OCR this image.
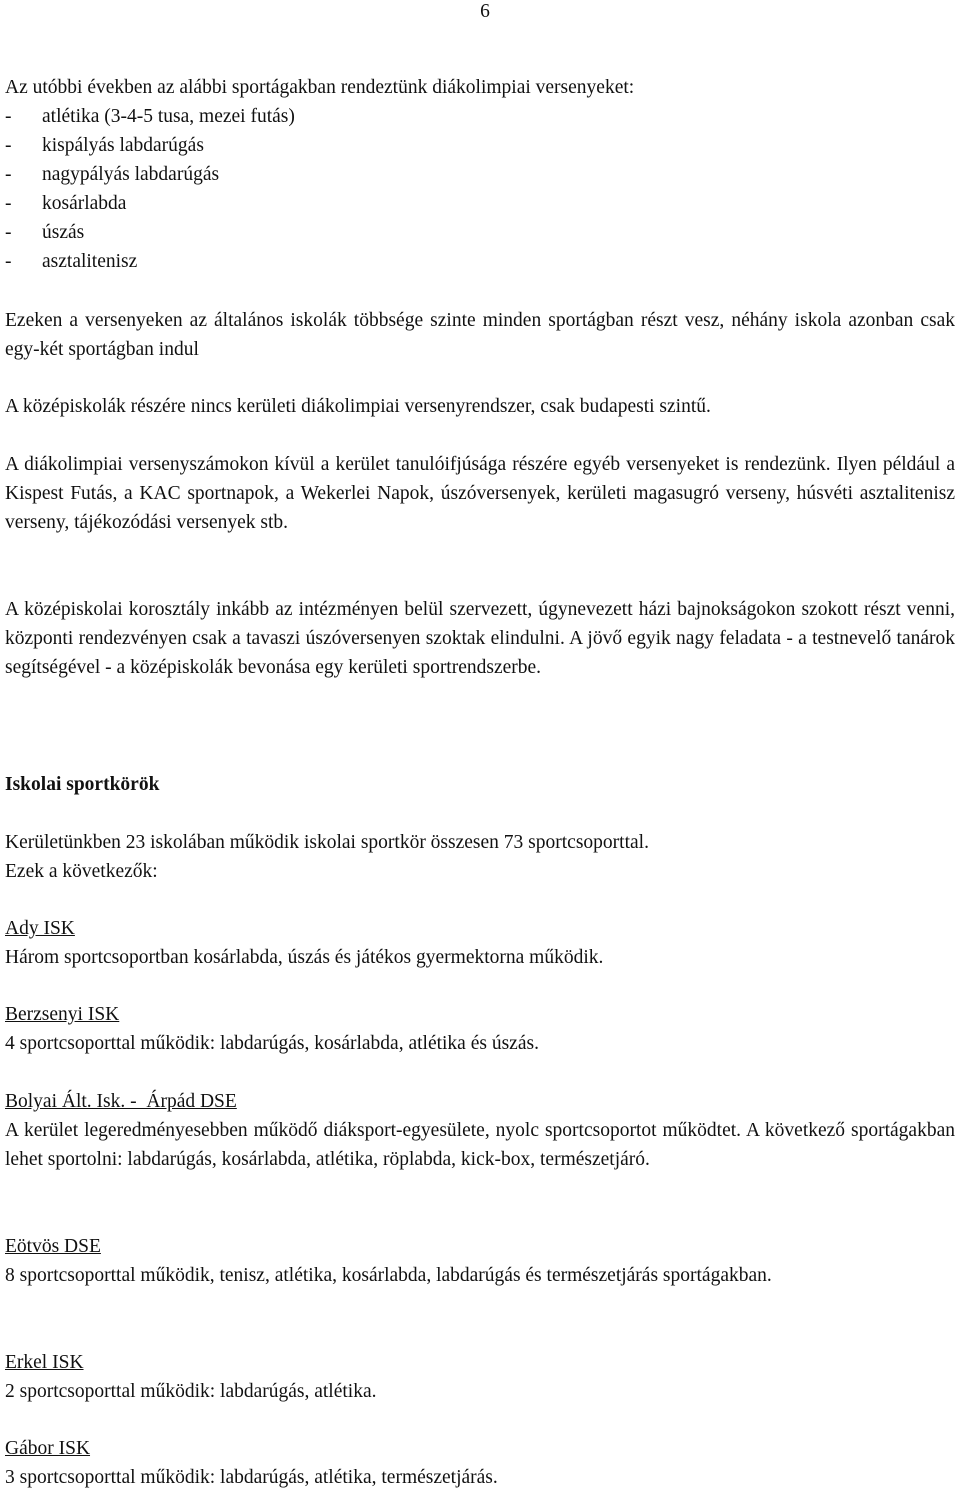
6

Az utóbbi években az alábbi sportágakban rendeztünk diákolimpiai versenyeket:

-	atlétika (3-4-5 tusa, mezei futás)
-	kispályás labdarúgás
-	nagypályás labdarúgás
-	kosárlabda
-	úszás
-	asztalitenisz

Ezeken a versenyeken az általános iskolák többsége szinte minden sportágban részt vesz, néhány iskola azonban csak egy-két sportágban indul

A középiskolák részére nincs kerületi diákolimpiai versenyrendszer, csak budapesti szintű.

A diákolimpiai versenyszámokon kívül a kerület tanulóifjúsága részére egyéb versenyeket is rendezünk. Ilyen például a Kispest Futás, a KAC sportnapok, a Wekerlei Napok, úszóversenyek, kerületi magasugró verseny, húsvéti asztalitenisz verseny, tájékozódási versenyek stb.

A középiskolai korosztály inkább az intézményen belül szervezett, úgynevezett házi bajnokságokon szokott részt venni, központi rendezvényen csak a tavaszi úszóversenyen szoktak elindulni. A jövő egyik nagy feladata - a testnevelő tanárok segítségével - a középiskolák bevonása egy kerületi sportrendszerbe.

Iskolai sportkörök

Kerületünkben 23 iskolában működik iskolai sportkör összesen 73 sportcsoporttal.

Ezek a következők:

Ady ISK

Három sportcsoportban kosárlabda, úszás és játékos gyermektorna működik.

Berzsenyi ISK

4 sportcsoporttal működik: labdarúgás, kosárlabda, atlétika és úszás.

Bolyai Ált. Isk. -  Árpád DSE

A kerület legeredményesebben működő diáksport-egyesülete, nyolc sportcsoportot működtet. A következő sportágakban lehet sportolni: labdarúgás, kosárlabda, atlétika, röplabda, kick-box, természetjáró.

Eötvös DSE

8 sportcsoporttal működik, tenisz, atlétika, kosárlabda, labdarúgás és természetjárás sportágakban.

Erkel ISK

2 sportcsoporttal működik: labdarúgás, atlétika.

Gábor ISK

3 sportcsoporttal működik: labdarúgás, atlétika, természetjárás.
